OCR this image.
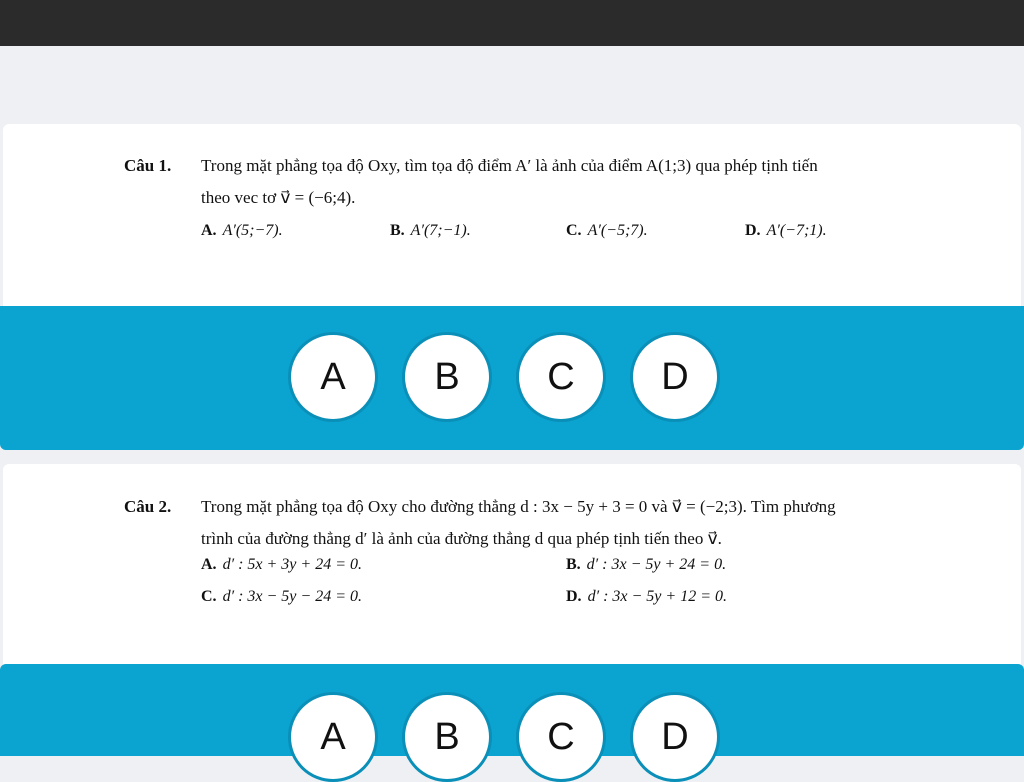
Câu 1. Trong mặt phẳng tọa độ Oxy, tìm tọa độ điểm A′ là ảnh của điểm A(1;3) qua phép tịnh tiến
theo vec tơ v⃗ = (−6;4).
A. A′(5;−7).	B. A′(7;−1).	C. A′(−5;7).	D. A′(−7;1).
A	B	C	D
Câu 2. Trong mặt phẳng tọa độ Oxy cho đường thẳng d : 3x − 5y + 3 = 0 và v⃗ = (−2;3). Tìm phương
trình của đường thẳng d′ là ảnh của đường thẳng d qua phép tịnh tiến theo v⃗.
A. d′ : 5x + 3y + 24 = 0.	B. d′ : 3x − 5y + 24 = 0.
C. d′ : 3x − 5y − 24 = 0.	D. d′ : 3x − 5y + 12 = 0.
A	B	C	D
